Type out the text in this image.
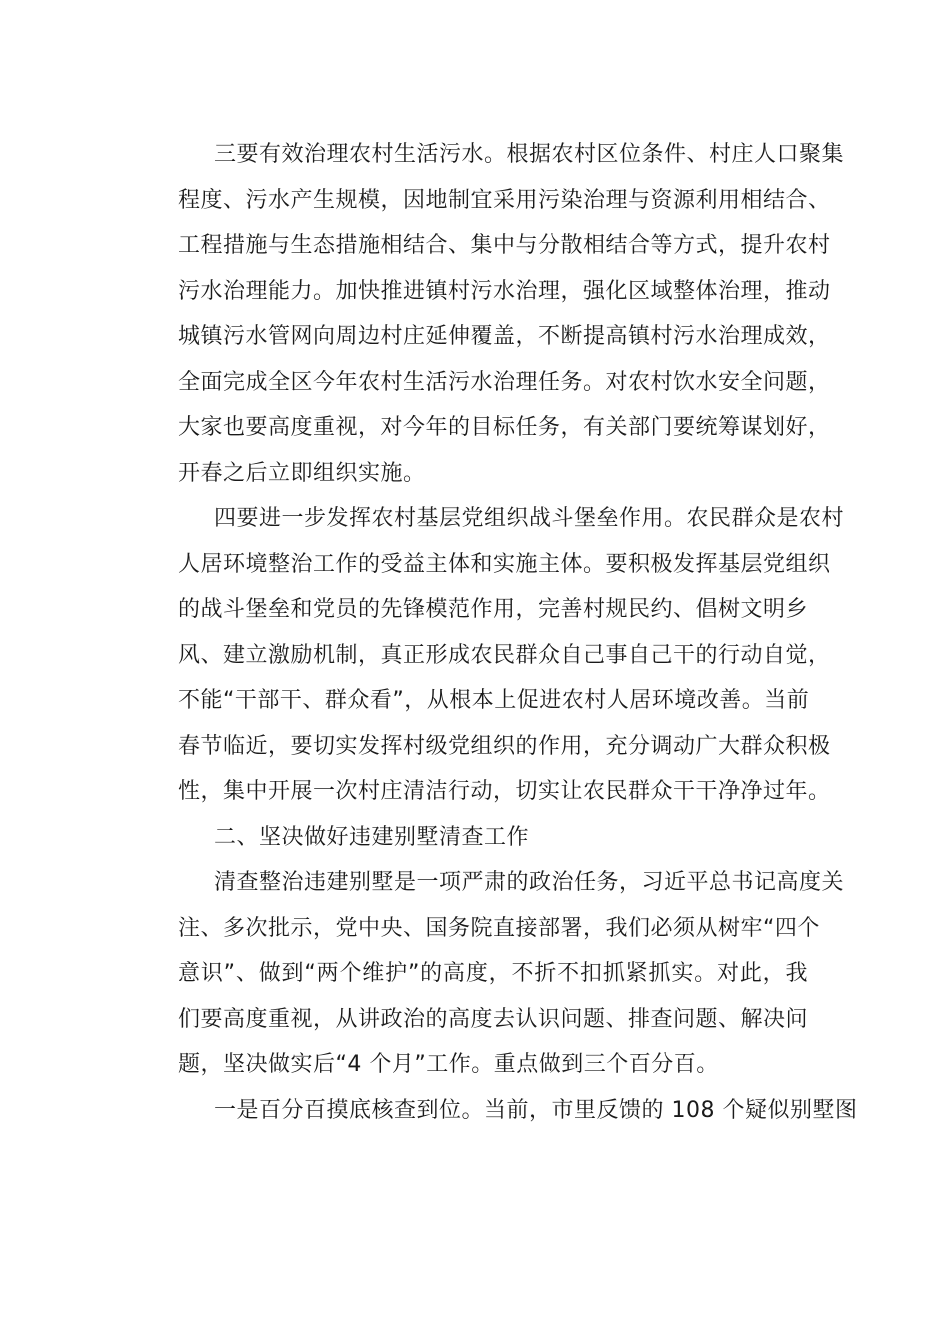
三要有效治理农村生活污水。根据农村区位条件、村庄人口聚集
程度、污水产生规模，因地制宜采用污染治理与资源利用相结合、
工程措施与生态措施相结合、集中与分散相结合等方式，提升农村
污水治理能力。加快推进镇村污水治理，强化区域整体治理，推动
城镇污水管网向周边村庄延伸覆盖，不断提高镇村污水治理成效，
全面完成全区今年农村生活污水治理任务。对农村饮水安全问题，
大家也要高度重视，对今年的目标任务，有关部门要统筹谋划好，
开春之后立即组织实施。
四要进一步发挥农村基层党组织战斗堡垒作用。农民群众是农村
人居环境整治工作的受益主体和实施主体。要积极发挥基层党组织
的战斗堡垒和党员的先锋模范作用，完善村规民约、倡树文明乡
风、建立激励机制，真正形成农民群众自己事自己干的行动自觉，
不能“干部干、群众看”，从根本上促进农村人居环境改善。当前
春节临近，要切实发挥村级党组织的作用，充分调动广大群众积极
性，集中开展一次村庄清洁行动，切实让农民群众干干净净过年。
二、坚决做好违建别墅清查工作
清查整治违建别墅是一项严肃的政治任务，习近平总书记高度关
注、多次批示，党中央、国务院直接部署，我们必须从树牢“四个
意识”、做到“两个维护”的高度，不折不扣抓紧抓实。对此，我
们要高度重视，从讲政治的高度去认识问题、排查问题、解决问
题，坚决做实后“4 个月”工作。重点做到三个百分百。
一是百分百摸底核查到位。当前，市里反馈的 108 个疑似别墅图
